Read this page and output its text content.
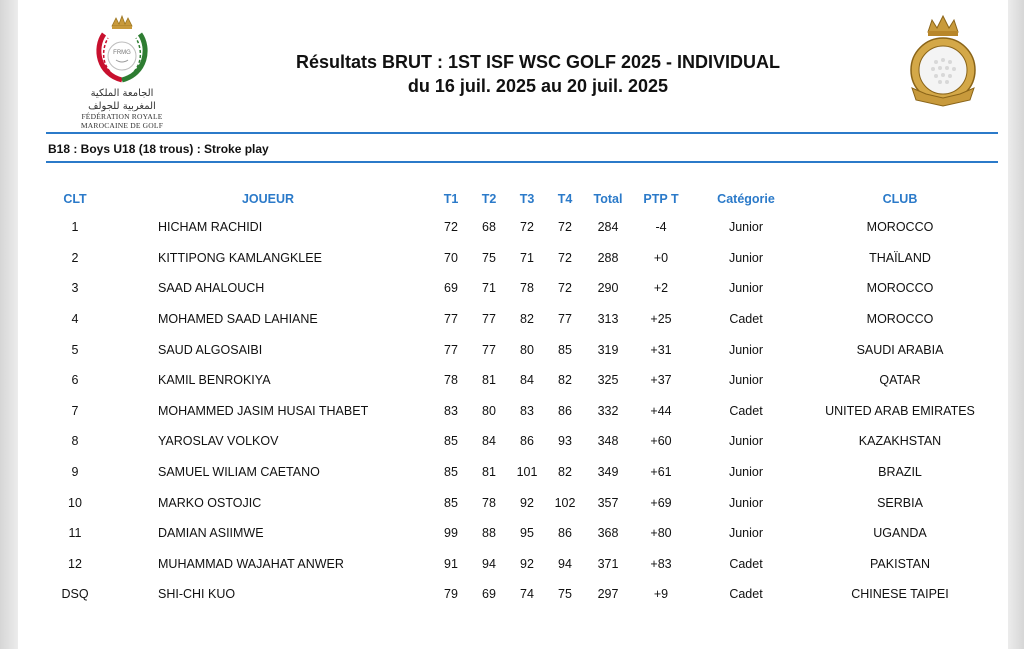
FRMG
الجامعة الملكية
المغربية للجولف
FÉDÉRATION ROYALE
MAROCAINE DE GOLF
Résultats BRUT : 1ST ISF WSC GOLF 2025 - INDIVIDUAL
du 16 juil. 2025 au 20 juil. 2025
B18 : Boys U18 (18 trous) : Stroke play
CLT	JOUEUR	T1	T2	T3	T4	Total	PTP T	Catégorie	CLUB
1	HICHAM RACHIDI	72	68	72	72	284	-4	Junior	MOROCCO
2	KITTIPONG KAMLANGKLEE	70	75	71	72	288	+0	Junior	THAÏLAND
3	SAAD AHALOUCH	69	71	78	72	290	+2	Junior	MOROCCO
4	MOHAMED SAAD LAHIANE	77	77	82	77	313	+25	Cadet	MOROCCO
5	SAUD ALGOSAIBI	77	77	80	85	319	+31	Junior	SAUDI ARABIA
6	KAMIL BENROKIYA	78	81	84	82	325	+37	Junior	QATAR
7	MOHAMMED JASIM HUSAI THABET	83	80	83	86	332	+44	Cadet	UNITED ARAB EMIRATES
8	YAROSLAV VOLKOV	85	84	86	93	348	+60	Junior	KAZAKHSTAN
9	SAMUEL WILIAM CAETANO	85	81	101	82	349	+61	Junior	BRAZIL
10	MARKO OSTOJIC	85	78	92	102	357	+69	Junior	SERBIA
11	DAMIAN ASIIMWE	99	88	95	86	368	+80	Junior	UGANDA
12	MUHAMMAD WAJAHAT ANWER	91	94	92	94	371	+83	Cadet	PAKISTAN
DSQ	SHI-CHI KUO	79	69	74	75	297	+9	Cadet	CHINESE TAIPEI
